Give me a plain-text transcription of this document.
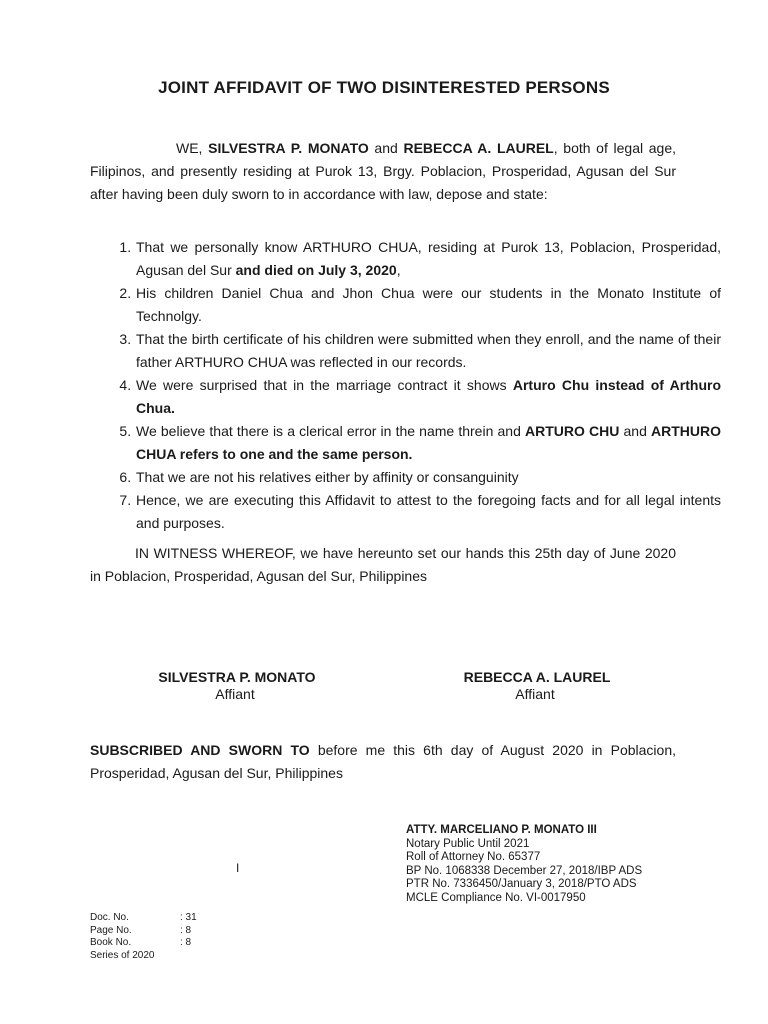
JOINT AFFIDAVIT OF TWO DISINTERESTED PERSONS
WE, SILVESTRA P. MONATO and REBECCA A. LAUREL, both of legal age, Filipinos, and presently residing at Purok 13, Brgy. Poblacion, Prosperidad, Agusan del Sur after having been duly sworn to in accordance with law, depose and state:
1. That we personally know ARTHURO CHUA, residing at Purok 13, Poblacion, Prosperidad, Agusan del Sur and died on July 3, 2020,
2. His children Daniel Chua and Jhon Chua were our students in the Monato Institute of Technolgy.
3. That the birth certificate of his children were submitted when they enroll, and the name of their father ARTHURO CHUA was reflected in our records.
4. We were surprised that in the marriage contract it shows Arturo Chu instead of Arthuro Chua.
5. We believe that there is a clerical error in the name threin and ARTURO CHU and ARTHURO CHUA refers to one and the same person.
6. That we are not his relatives either by affinity or consanguinity
7. Hence, we are executing this Affidavit to attest to the foregoing facts and for all legal intents and purposes.
IN WITNESS WHEREOF, we have hereunto set our hands this 25th day of June 2020 in Poblacion, Prosperidad, Agusan del Sur, Philippines
SILVESTRA P. MONATO
Affiant
REBECCA A. LAUREL
Affiant
SUBSCRIBED AND SWORN TO before me this 6th day of August 2020 in Poblacion, Prosperidad, Agusan del Sur, Philippines
ATTY. MARCELIANO P. MONATO III
Notary Public Until 2021
Roll of Attorney No. 65377
BP No. 1068338 December 27, 2018/IBP ADS
PTR No. 7336450/January 3, 2018/PTO ADS
MCLE Compliance No. VI-0017950
I
Doc. No.	: 31
Page No.	: 8
Book No.	: 8
Series of 2020
